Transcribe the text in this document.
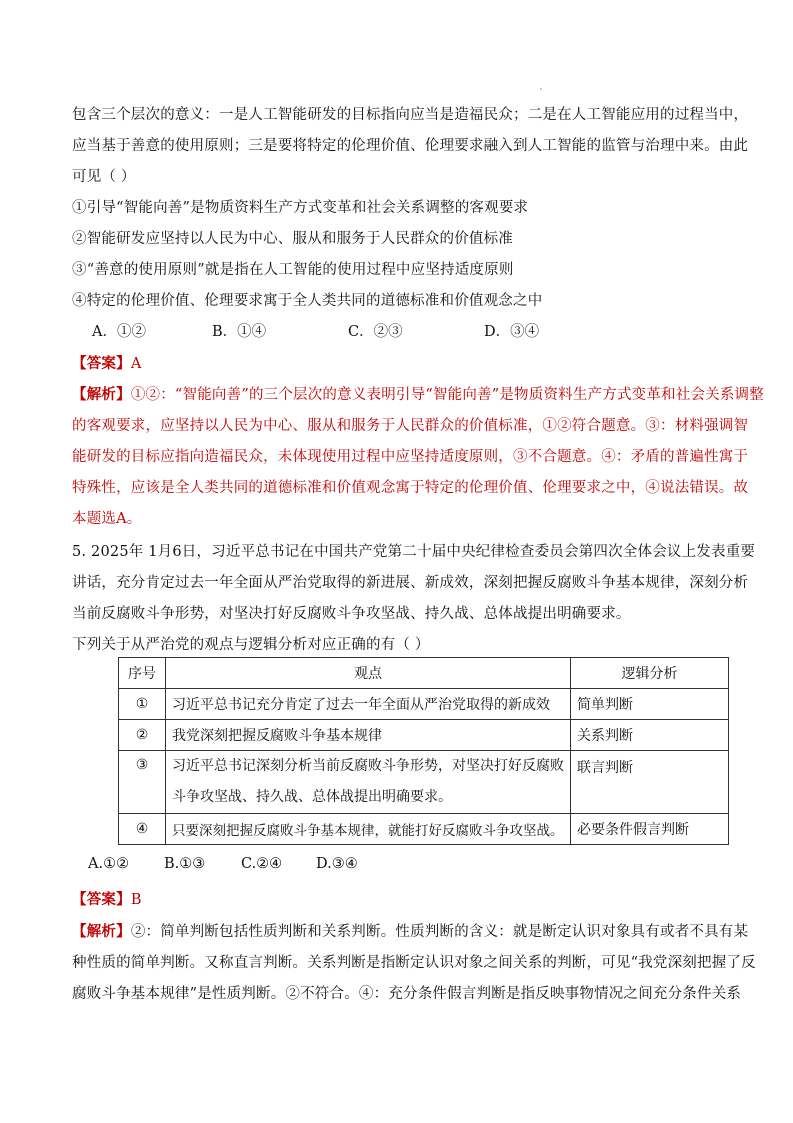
包含三个层次的意义：一是人工智能研发的目标指向应当是造福民众；二是在人工智能应用的过程当中，
应当基于善意的使用原则；三是要将特定的伦理价值、伦理要求融入到人工智能的监管与治理中来。由此
可见（ ）
①引导“智能向善”是物质资料生产方式变革和社会关系调整的客观要求
②智能研发应坚持以人民为中心、服从和服务于人民群众的价值标准
③“善意的使用原则”就是指在人工智能的使用过程中应坚持适度原则
④特定的伦理价值、伦理要求寓于全人类共同的道德标准和价值观念之中
A．①②	B．①④	C．②③	D．③④
【答案】A
【解析】①②：“智能向善”的三个层次的意义表明引导“智能向善”是物质资料生产方式变革和社会关系调整
的客观要求，应坚持以人民为中心、服从和服务于人民群众的价值标准，①②符合题意。③：材料强调智
能研发的目标应指向造福民众，未体现使用过程中应坚持适度原则，③不合题意。④：矛盾的普遍性寓于
特殊性，应该是全人类共同的道德标准和价值观念寓于特定的伦理价值、伦理要求之中，④说法错误。故
本题选A。
5. 2025年 1月6日，习近平总书记在中国共产党第二十届中央纪律检查委员会第四次全体会议上发表重要
讲话，充分肯定过去一年全面从严治党取得的新进展、新成效，深刻把握反腐败斗争基本规律，深刻分析
当前反腐败斗争形势，对坚决打好反腐败斗争攻坚战、持久战、总体战提出明确要求。
下列关于从严治党的观点与逻辑分析对应正确的有（ ）
序号	观点	逻辑分析
①	习近平总书记充分肯定了过去一年全面从严治党取得的新成效	简单判断
②	我党深刻把握反腐败斗争基本规律	关系判断
③	习近平总书记深刻分析当前反腐败斗争形势，对坚决打好反腐败
斗争攻坚战、持久战、总体战提出明确要求。	联言判断
④	只要深刻把握反腐败斗争基本规律，就能打好反腐败斗争攻坚战。	必要条件假言判断
A.①② B.①③ C.②④ D.③④
【答案】B
【解析】②：简单判断包括性质判断和关系判断。性质判断的含义：就是断定认识对象具有或者不具有某
种性质的简单判断。又称直言判断。关系判断是指断定认识对象之间关系的判断，可见“我党深刻把握了反
腐败斗争基本规律”是性质判断。②不符合。④：充分条件假言判断是指反映事物情况之间充分条件关系
